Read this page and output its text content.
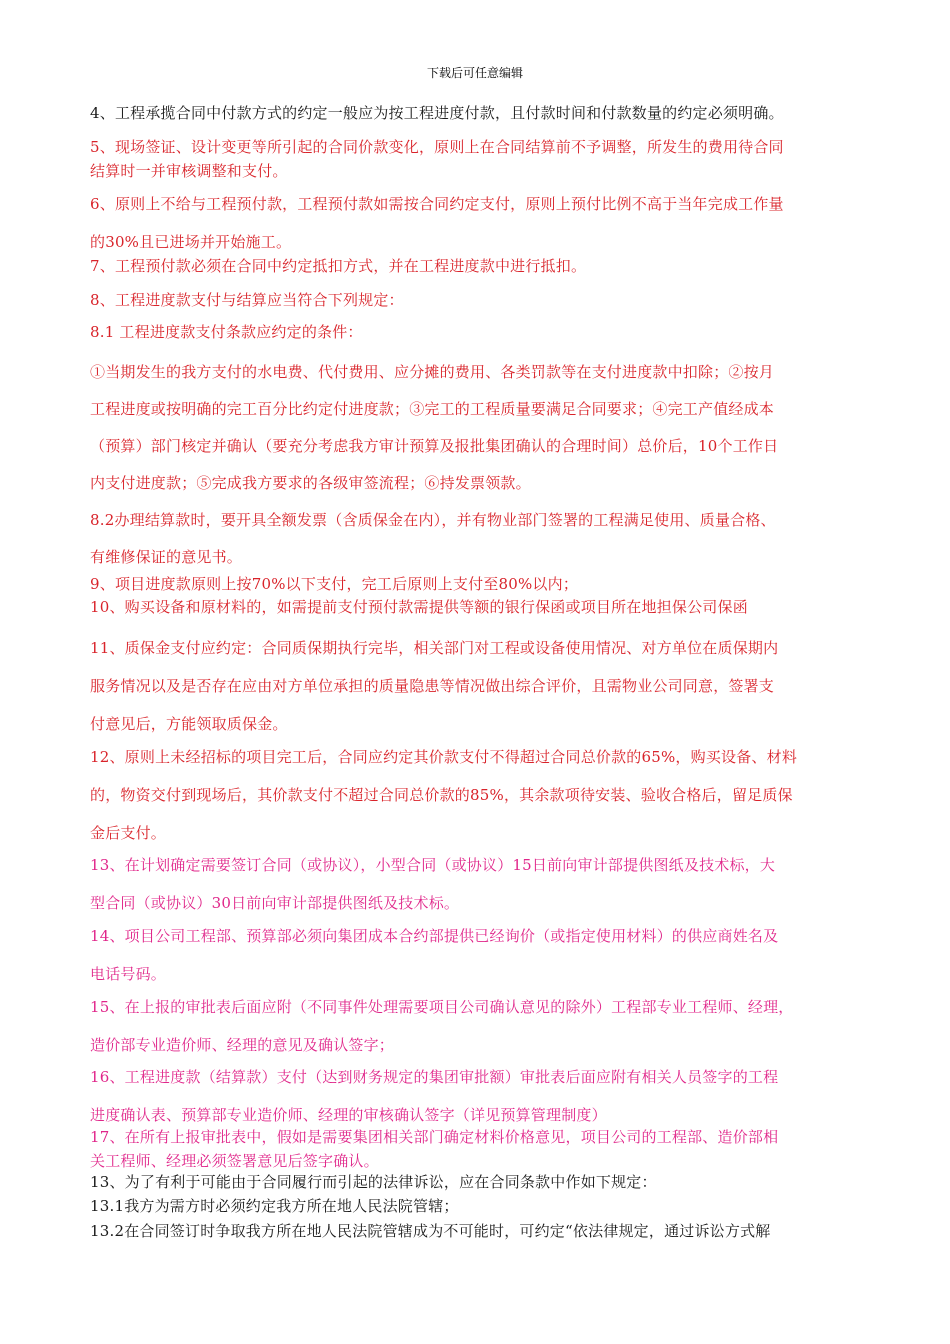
下载后可任意编辑
4、工程承揽合同中付款方式的约定一般应为按工程进度付款，且付款时间和付款数量的约定必须明确。
5、现场签证、设计变更等所引起的合同价款变化，原则上在合同结算前不予调整，所发生的费用待合同
结算时一并审核调整和支付。
6、原则上不给与工程预付款，工程预付款如需按合同约定支付，原则上预付比例不高于当年完成工作量
的30%且已进场并开始施工。
7、工程预付款必须在合同中约定抵扣方式，并在工程进度款中进行抵扣。
8、工程进度款支付与结算应当符合下列规定：
8.1 工程进度款支付条款应约定的条件：
①当期发生的我方支付的水电费、代付费用、应分摊的费用、各类罚款等在支付进度款中扣除；②按月
工程进度或按明确的完工百分比约定付进度款；③完工的工程质量要满足合同要求；④完工产值经成本
（预算）部门核定并确认（要充分考虑我方审计预算及报批集团确认的合理时间）总价后，10个工作日
内支付进度款；⑤完成我方要求的各级审签流程；⑥持发票领款。
8.2办理结算款时，要开具全额发票（含质保金在内），并有物业部门签署的工程满足使用、质量合格、
有维修保证的意见书。
9、项目进度款原则上按70%以下支付，完工后原则上支付至80%以内；
10、购买设备和原材料的，如需提前支付预付款需提供等额的银行保函或项目所在地担保公司保函
11、质保金支付应约定：合同质保期执行完毕，相关部门对工程或设备使用情况、对方单位在质保期内
服务情况以及是否存在应由对方单位承担的质量隐患等情况做出综合评价，且需物业公司同意，签署支
付意见后，方能领取质保金。
12、原则上未经招标的项目完工后，合同应约定其价款支付不得超过合同总价款的65%，购买设备、材料
的，物资交付到现场后，其价款支付不超过合同总价款的85%，其余款项待安装、验收合格后，留足质保
金后支付。
13、在计划确定需要签订合同（或协议），小型合同（或协议）15日前向审计部提供图纸及技术标，大
型合同（或协议）30日前向审计部提供图纸及技术标。
14、项目公司工程部、预算部必须向集团成本合约部提供已经询价（或指定使用材料）的供应商姓名及
电话号码。
15、在上报的审批表后面应附（不同事件处理需要项目公司确认意见的除外）工程部专业工程师、经理，
造价部专业造价师、经理的意见及确认签字；
16、工程进度款（结算款）支付（达到财务规定的集团审批额）审批表后面应附有相关人员签字的工程
进度确认表、预算部专业造价师、经理的审核确认签字（详见预算管理制度）
17、在所有上报审批表中，假如是需要集团相关部门确定材料价格意见，项目公司的工程部、造价部相
关工程师、经理必须签署意见后签字确认。
13、为了有利于可能由于合同履行而引起的法律诉讼，应在合同条款中作如下规定：
13.1我方为需方时必须约定我方所在地人民法院管辖；
13.2在合同签订时争取我方所在地人民法院管辖成为不可能时，可约定“依法律规定，通过诉讼方式解
